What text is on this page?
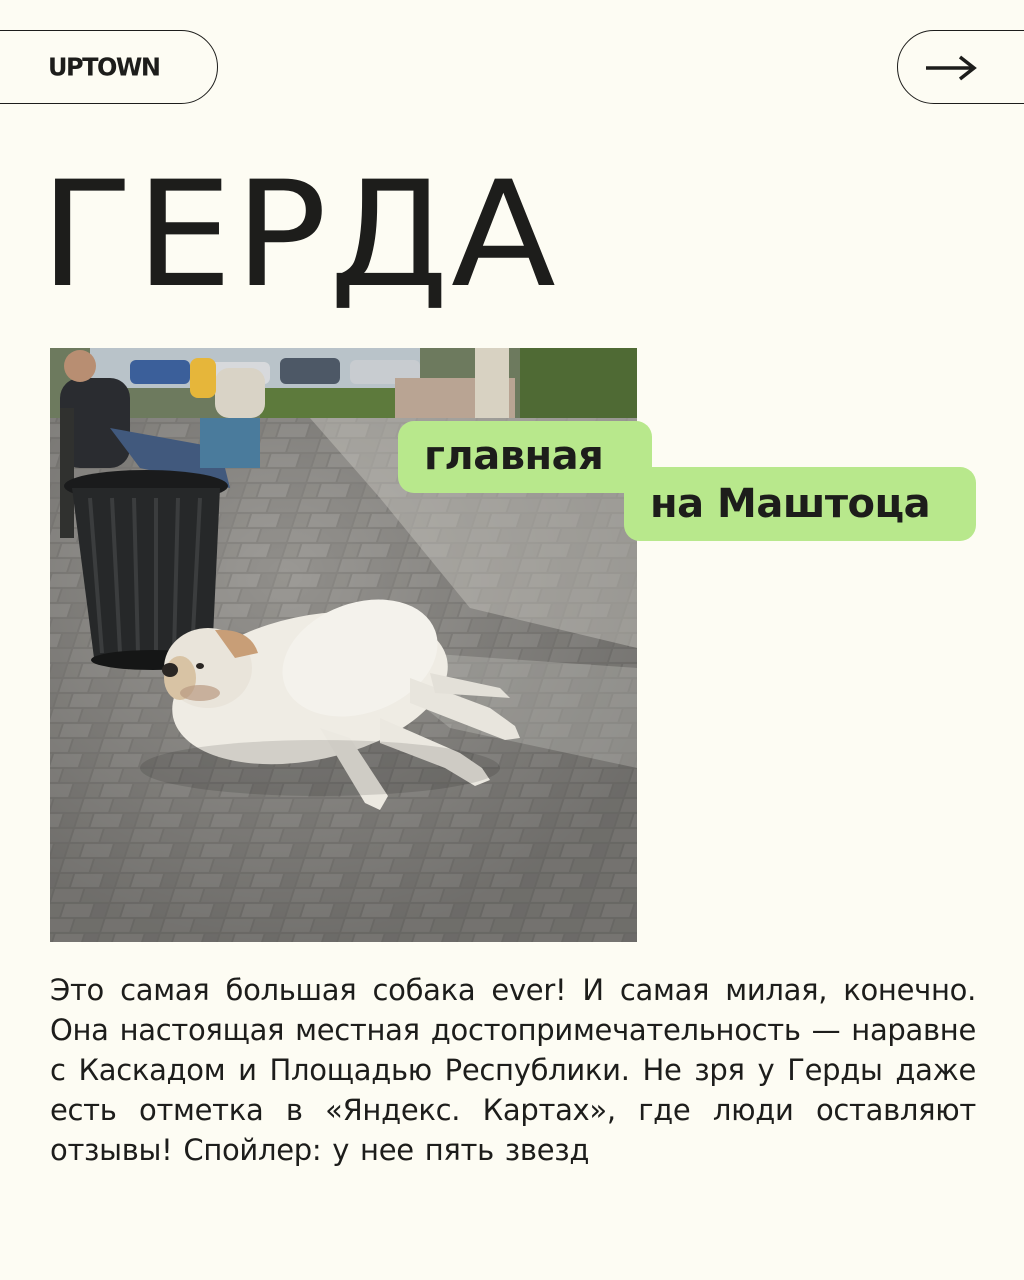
UPTOWN
ГЕРДА
главная
на Маштоца

Это самая большая собака ever! И самая милая, конечно. Она настоящая местная достопримечательность — наравне с Каскадом и Площадью Республики. Не зря у Герды даже есть отметка в «Яндекс. Картах», где люди оставляют отзывы! Спойлер: у нее пять звезд
